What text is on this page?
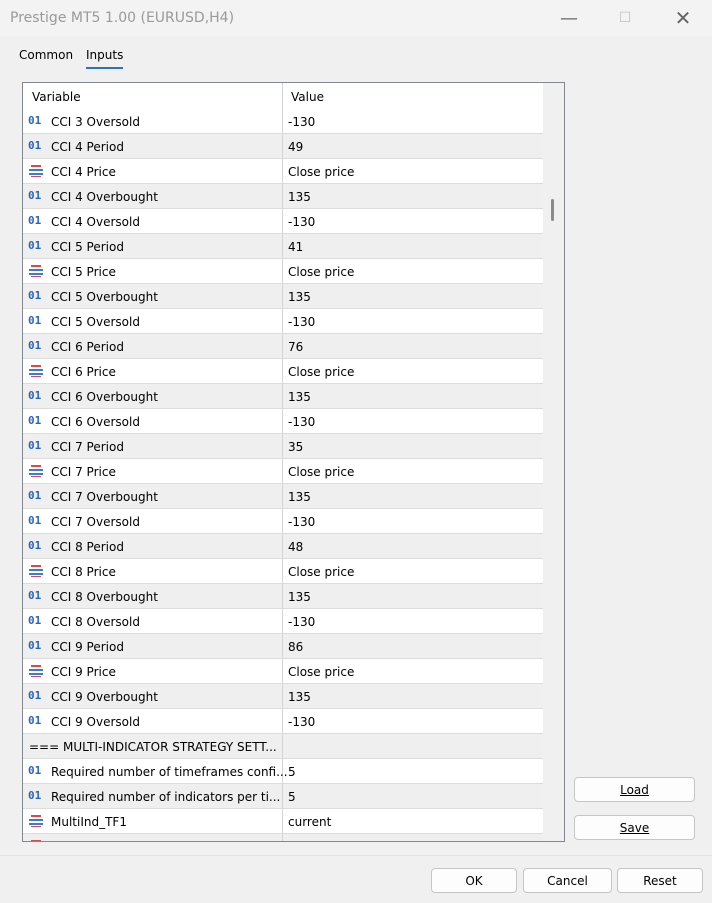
Prestige MT5 1.00 (EURUSD,H4)	—	☐	✕
Common Inputs
Variable	Value
01 CCI 3 Oversold	-130
01 CCI 4 Period	49
CCI 4 Price	Close price
01 CCI 4 Overbought	135
01 CCI 4 Oversold	-130
01 CCI 5 Period	41
CCI 5 Price	Close price
01 CCI 5 Overbought	135
01 CCI 5 Oversold	-130
01 CCI 6 Period	76
CCI 6 Price	Close price
01 CCI 6 Overbought	135
01 CCI 6 Oversold	-130
01 CCI 7 Period	35
CCI 7 Price	Close price
01 CCI 7 Overbought	135
01 CCI 7 Oversold	-130
01 CCI 8 Period	48
CCI 8 Price	Close price
01 CCI 8 Overbought	135
01 CCI 8 Oversold	-130
01 CCI 9 Period	86
CCI 9 Price	Close price
01 CCI 9 Overbought	135
01 CCI 9 Oversold	-130
=== MULTI-INDICATOR STRATEGY SETT...
01 Required number of timeframes confi... 5
01 Required number of indicators per ti... 5
MultiInd_TF1	current
Load
Save
OK	Cancel	Reset
